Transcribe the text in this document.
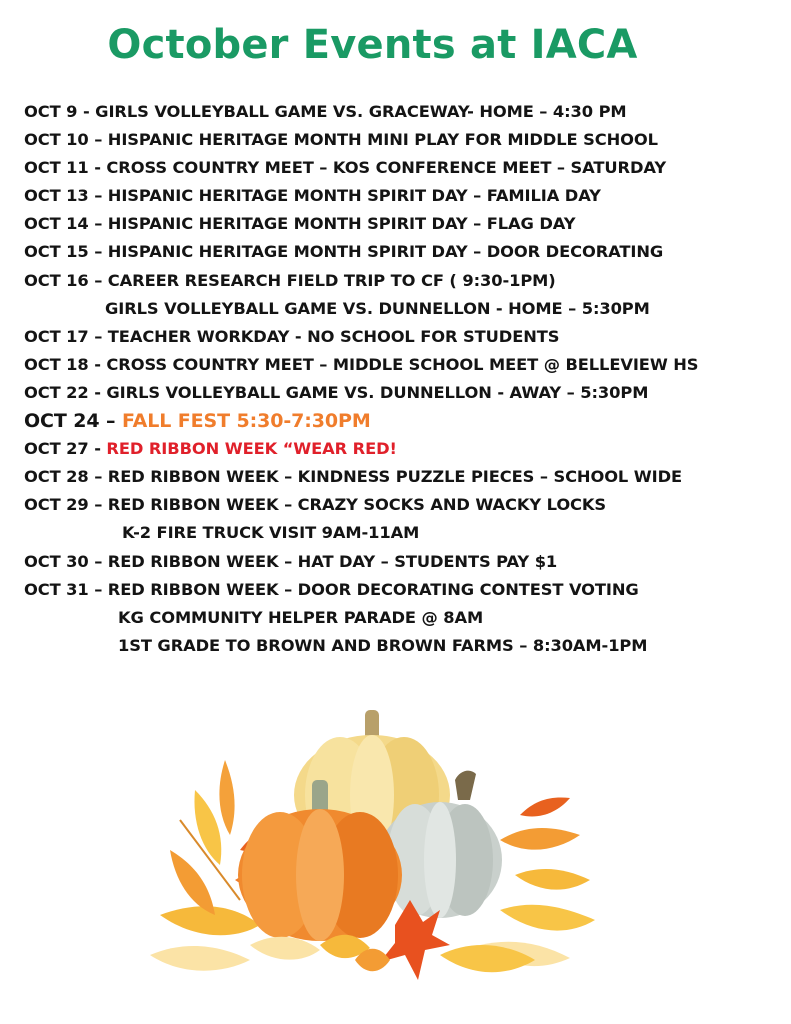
October Events at IACA
OCT 9 - GIRLS VOLLEYBALL GAME VS. GRACEWAY- HOME – 4:30 PM
OCT 10 – HISPANIC HERITAGE MONTH MINI PLAY FOR MIDDLE SCHOOL
OCT 11 - CROSS COUNTRY MEET – KOS CONFERENCE MEET – SATURDAY
OCT 13 – HISPANIC HERITAGE MONTH SPIRIT DAY – FAMILIA DAY
OCT 14 – HISPANIC HERITAGE MONTH SPIRIT DAY – FLAG DAY
OCT 15 – HISPANIC HERITAGE MONTH SPIRIT DAY – DOOR DECORATING
OCT 16 – CAREER RESEARCH FIELD TRIP TO CF ( 9:30-1PM)
GIRLS VOLLEYBALL GAME VS. DUNNELLON - HOME – 5:30PM
OCT 17 – TEACHER WORKDAY - NO SCHOOL FOR STUDENTS
OCT 18 - CROSS COUNTRY MEET – MIDDLE SCHOOL MEET @ BELLEVIEW HS
OCT 22 - GIRLS VOLLEYBALL GAME VS. DUNNELLON - AWAY – 5:30PM
OCT 24 – FALL FEST 5:30-7:30PM
OCT 27 - RED RIBBON WEEK “WEAR RED!
OCT 28 – RED RIBBON WEEK – KINDNESS PUZZLE PIECES – SCHOOL WIDE
OCT 29 – RED RIBBON WEEK – CRAZY SOCKS AND WACKY LOCKS
K-2 FIRE TRUCK VISIT 9AM-11AM
OCT 30 – RED RIBBON WEEK – HAT DAY – STUDENTS PAY $1
OCT 31 – RED RIBBON WEEK – DOOR DECORATING CONTEST VOTING
KG COMMUNITY HELPER PARADE @ 8AM
1ST GRADE TO BROWN AND BROWN FARMS – 8:30AM-1PM
